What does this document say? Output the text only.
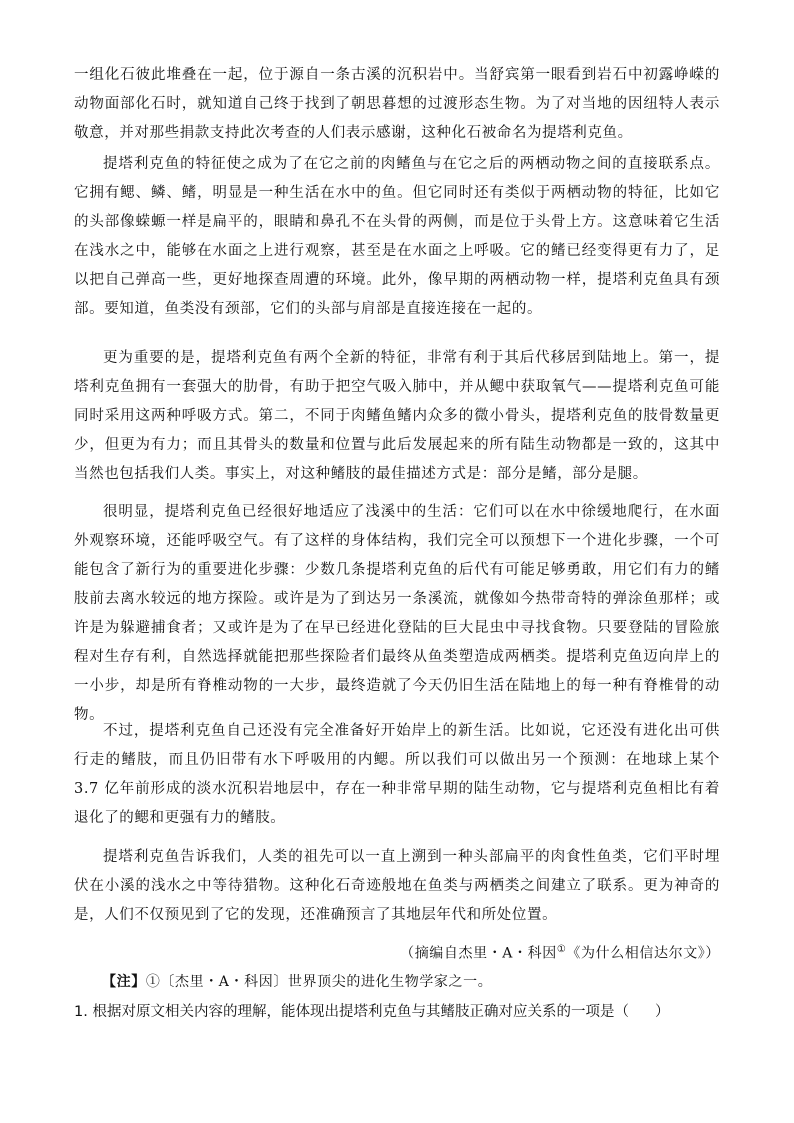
一组化石彼此堆叠在一起，位于源自一条古溪的沉积岩中。当舒宾第一眼看到岩石中初露峥嵘的动物面部化石时，就知道自己终于找到了朝思暮想的过渡形态生物。为了对当地的因纽特人表示敬意，并对那些捐款支持此次考查的人们表示感谢，这种化石被命名为提塔利克鱼。

提塔利克鱼的特征使之成为了在它之前的肉鳍鱼与在它之后的两栖动物之间的直接联系点。它拥有鳃、鳞、鳍，明显是一种生活在水中的鱼。但它同时还有类似于两栖动物的特征，比如它的头部像蝾螈一样是扁平的，眼睛和鼻孔不在头骨的两侧，而是位于头骨上方。这意味着它生活在浅水之中，能够在水面之上进行观察，甚至是在水面之上呼吸。它的鳍已经变得更有力了，足以把自己弹高一些，更好地探查周遭的环境。此外，像早期的两栖动物一样，提塔利克鱼具有颈部。要知道，鱼类没有颈部，它们的头部与肩部是直接连接在一起的。

更为重要的是，提塔利克鱼有两个全新的特征，非常有利于其后代移居到陆地上。第一，提塔利克鱼拥有一套强大的肋骨，有助于把空气吸入肺中，并从鳃中获取氧气——提塔利克鱼可能同时采用这两种呼吸方式。第二，不同于肉鳍鱼鳍内众多的微小骨头，提塔利克鱼的肢骨数量更少，但更为有力；而且其骨头的数量和位置与此后发展起来的所有陆生动物都是一致的，这其中当然也包括我们人类。事实上，对这种鳍肢的最佳描述方式是：部分是鳍，部分是腿。

很明显，提塔利克鱼已经很好地适应了浅溪中的生活：它们可以在水中徐缓地爬行，在水面外观察环境，还能呼吸空气。有了这样的身体结构，我们完全可以预想下一个进化步骤，一个可能包含了新行为的重要进化步骤：少数几条提塔利克鱼的后代有可能足够勇敢，用它们有力的鳍肢前去离水较远的地方探险。或许是为了到达另一条溪流，就像如今热带奇特的弹涂鱼那样；或许是为躲避捕食者；又或许是为了在早已经进化登陆的巨大昆虫中寻找食物。只要登陆的冒险旅程对生存有利，自然选择就能把那些探险者们最终从鱼类塑造成两栖类。提塔利克鱼迈向岸上的一小步，却是所有脊椎动物的一大步，最终造就了今天仍旧生活在陆地上的每一种有脊椎骨的动物。

不过，提塔利克鱼自己还没有完全准备好开始岸上的新生活。比如说，它还没有进化出可供行走的鳍肢，而且仍旧带有水下呼吸用的内鳃。所以我们可以做出另一个预测：在地球上某个 3.7 亿年前形成的淡水沉积岩地层中，存在一种非常早期的陆生动物，它与提塔利克鱼相比有着退化了的鳃和更强有力的鳍肢。

提塔利克鱼告诉我们，人类的祖先可以一直上溯到一种头部扁平的肉食性鱼类，它们平时埋伏在小溪的浅水之中等待猎物。这种化石奇迹般地在鱼类与两栖类之间建立了联系。更为神奇的是，人们不仅预见到了它的发现，还准确预言了其地层年代和所处位置。

（摘编自杰里・A・科因①《为什么相信达尔文》）
【注】①〔杰里・A・科因〕世界顶尖的进化生物学家之一。
1. 根据对原文相关内容的理解，能体现出提塔利克鱼与其鳍肢正确对应关系的一项是（ ）
